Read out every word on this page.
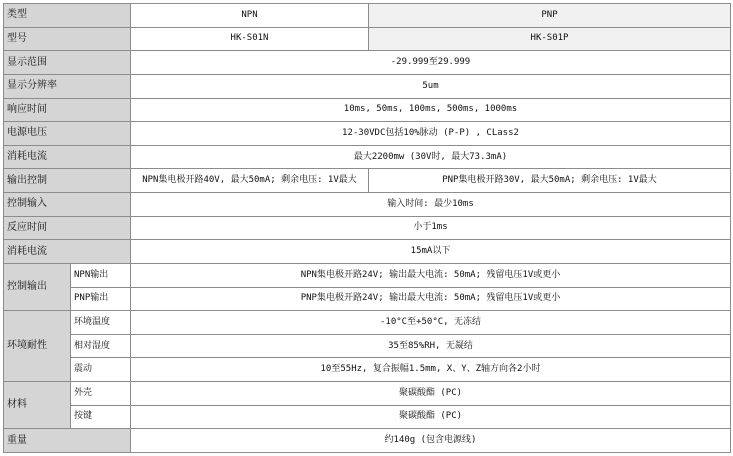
类型		NPN	PNP
型号		HK-S01N	HK-S01P
显示范围		-29.999至29.999	
显示分辨率		5um	
响应时间		10ms, 50ms, 100ms, 500ms, 1000ms	
电源电压		12-30VDC包括10%脉动 (P-P) , CLass2	
消耗电流		最大2200mw (30V时, 最大73.3mA)	
输出控制		NPN集电极开路40V, 最大50mA; 剩余电压: 1V最大	PNP集电极开路30V, 最大50mA; 剩余电压: 1V最大
控制输入		输入时间: 最少10ms	
反应时间		小于1ms	
消耗电流		15mA以下	
控制输出	NPN输出	NPN集电极开路24V; 输出最大电流: 50mA; 残留电压1V或更小	
	PNP输出	PNP集电极开路24V; 输出最大电流: 50mA; 残留电压1V或更小	
环境耐性	环境温度	-10°C至+50°C, 无冻结	
	相对湿度	35至85%RH, 无凝结	
	震动	10至55Hz, 复合振幅1.5mm, X、Y、Z轴方向各2小时	
材料	外壳	聚碳酸酯 (PC)	
	按键	聚碳酸酯 (PC)	
重量		约140g (包含电源线)	
